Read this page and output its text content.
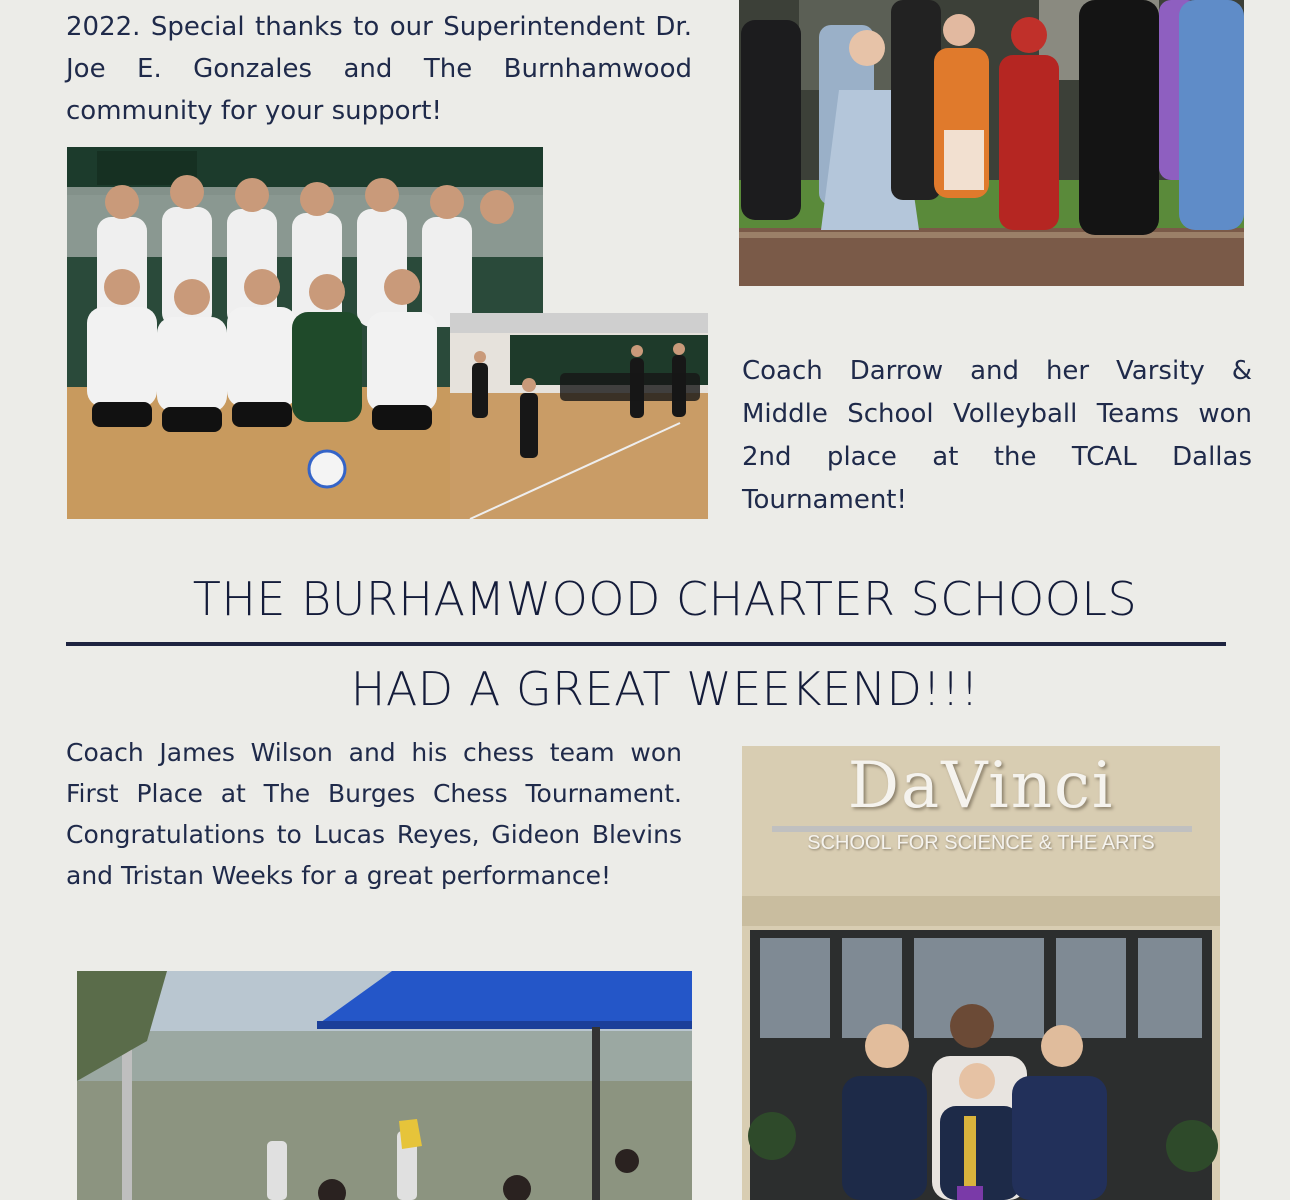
2022. Special thanks to our Superintendent Dr. Joe E. Gonzales and The Burnhamwood community for your support!
Coach Darrow and her Varsity & Middle School Volleyball Teams won 2nd place at the TCAL Dallas Tournament!
THE BURHAMWOOD CHARTER SCHOOLS
HAD A GREAT WEEKEND!!!
Coach James Wilson and his chess team won First Place at The Burges Chess Tournament. Congratulations to Lucas Reyes, Gideon Blevins and Tristan Weeks for a great performance!
DaVinci
SCHOOL FOR SCIENCE & THE ARTS
